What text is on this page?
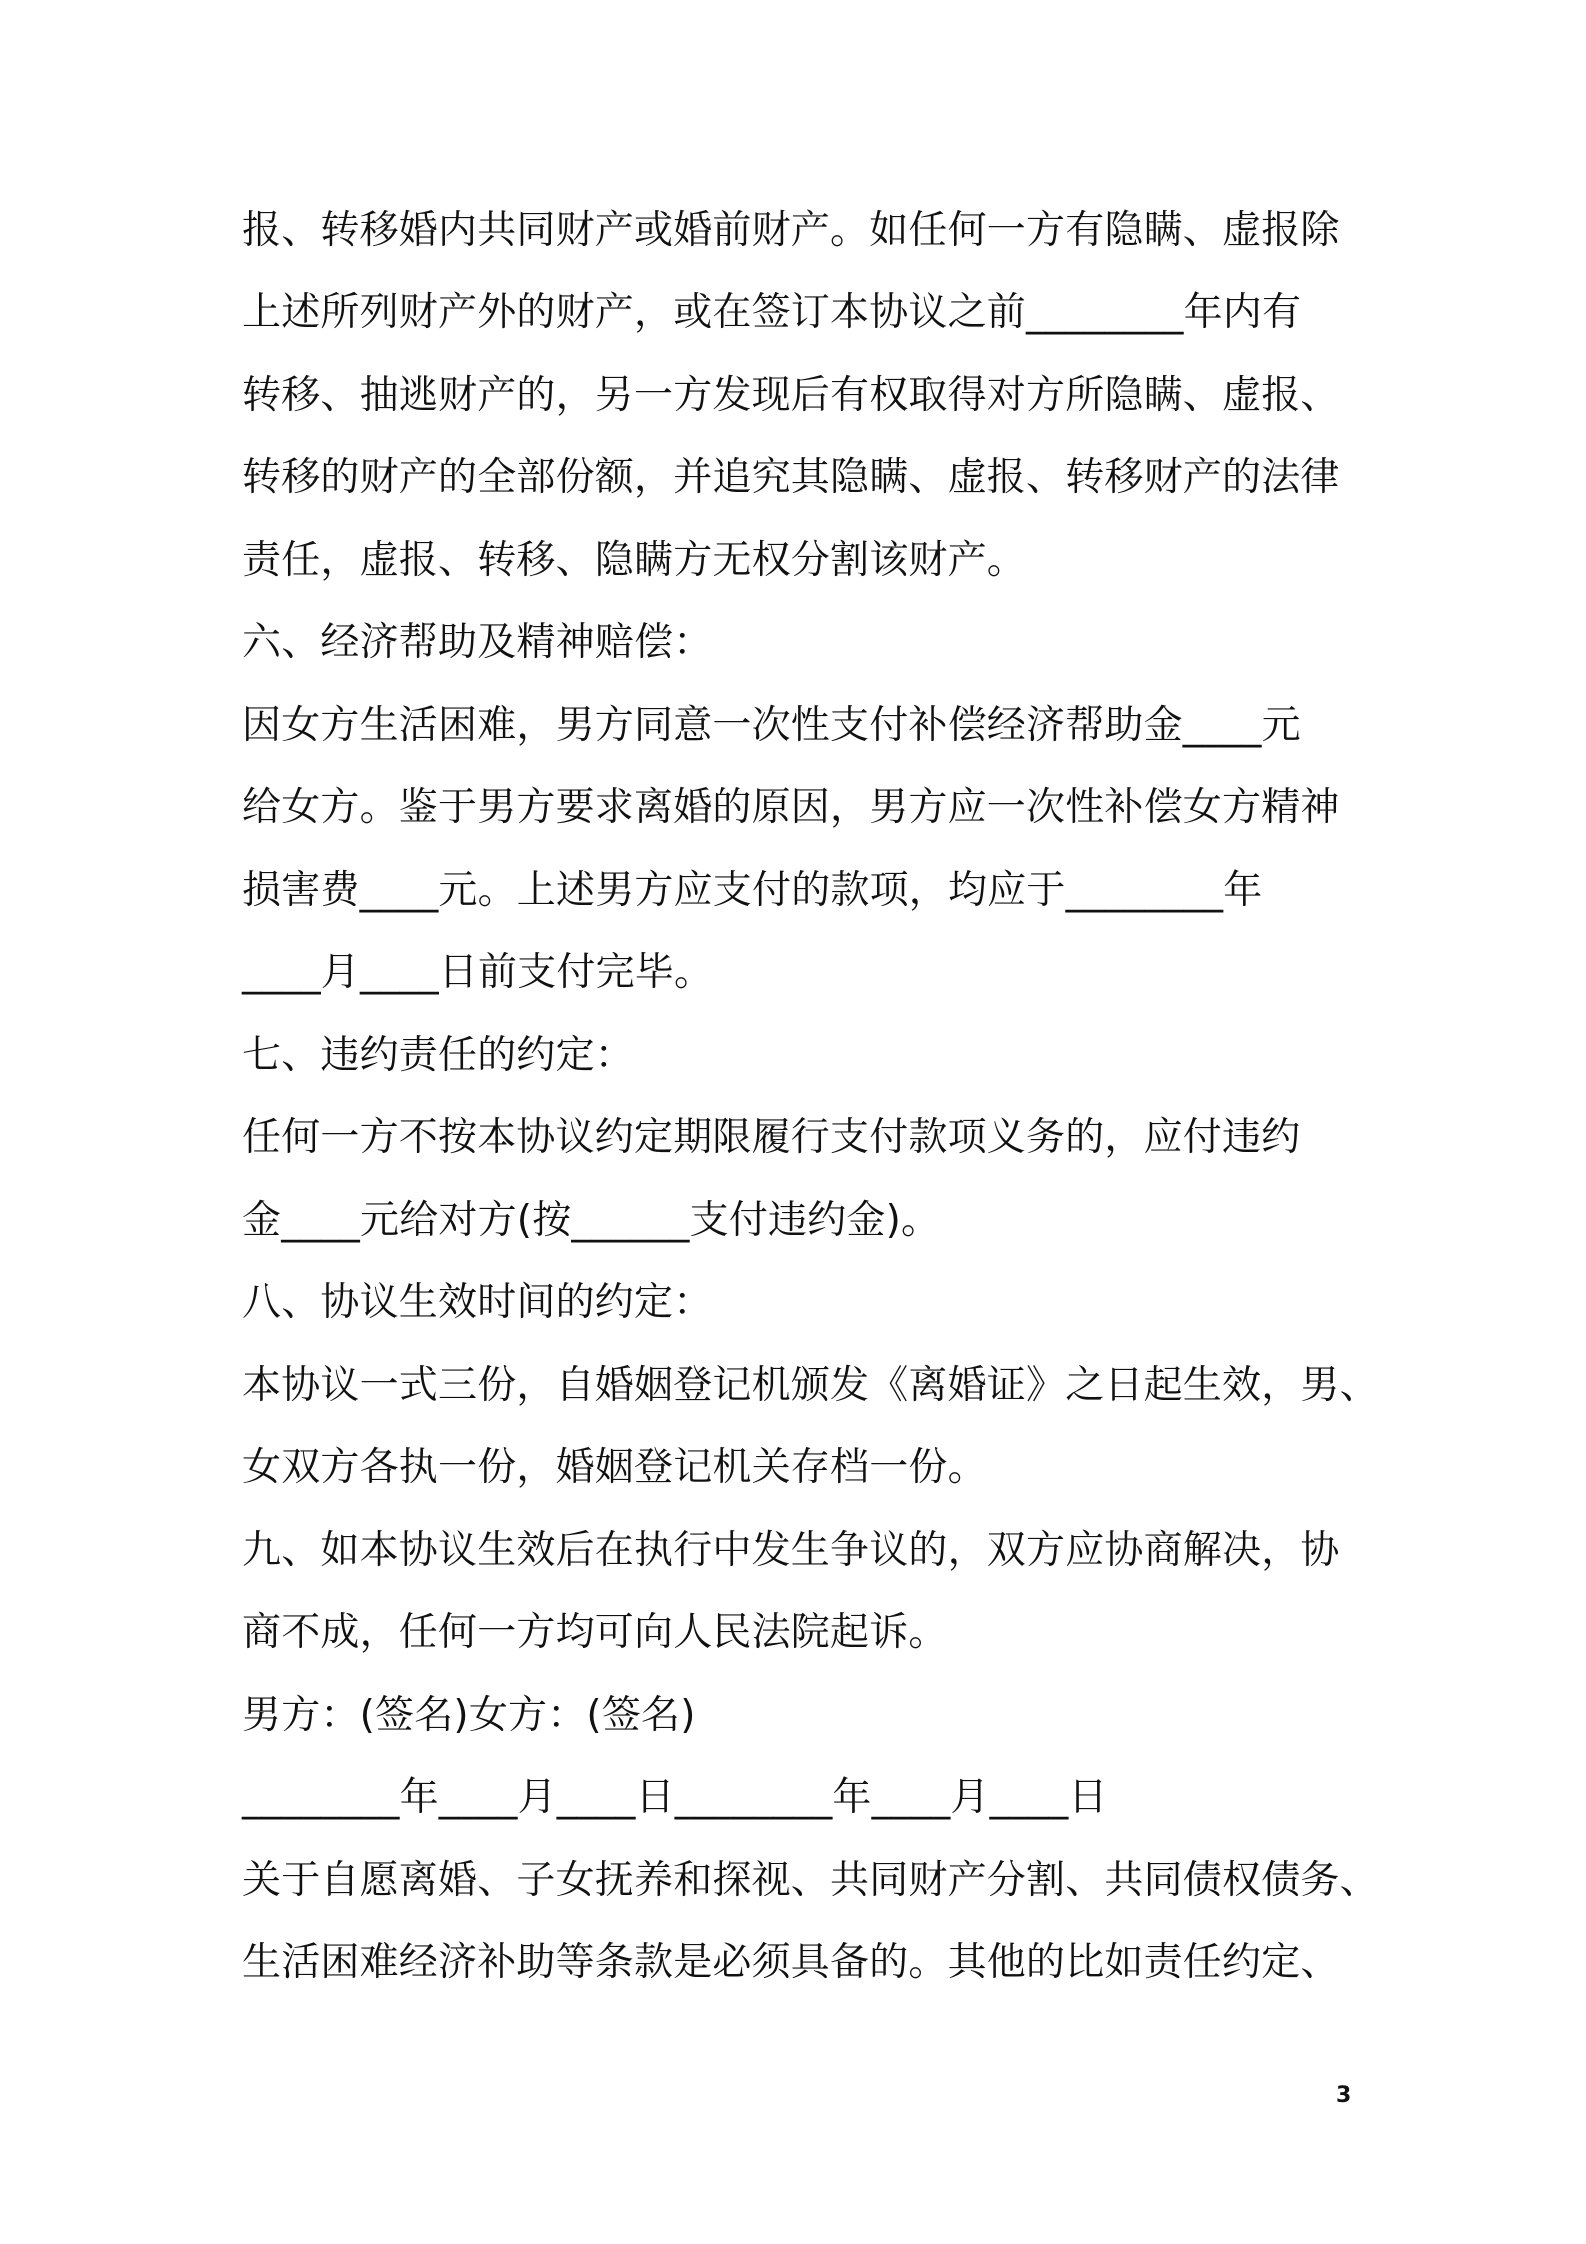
报、转移婚内共同财产或婚前财产。如任何一方有隐瞒、虚报除
上述所列财产外的财产，或在签订本协议之前________年内有
转移、抽逃财产的，另一方发现后有权取得对方所隐瞒、虚报、
转移的财产的全部份额，并追究其隐瞒、虚报、转移财产的法律
责任，虚报、转移、隐瞒方无权分割该财产。
六、经济帮助及精神赔偿：
因女方生活困难，男方同意一次性支付补偿经济帮助金____元
给女方。鉴于男方要求离婚的原因，男方应一次性补偿女方精神
损害费____元。上述男方应支付的款项，均应于________年
____月____日前支付完毕。
七、违约责任的约定：
任何一方不按本协议约定期限履行支付款项义务的，应付违约
金____元给对方(按______支付违约金)。
八、协议生效时间的约定：
本协议一式三份，自婚姻登记机颁发《离婚证》之日起生效，男、
女双方各执一份，婚姻登记机关存档一份。
九、如本协议生效后在执行中发生争议的，双方应协商解决，协
商不成，任何一方均可向人民法院起诉。
男方：(签名)女方：(签名)
________年____月____日________年____月____日
关于自愿离婚、子女抚养和探视、共同财产分割、共同债权债务、
生活困难经济补助等条款是必须具备的。其他的比如责任约定、
3
